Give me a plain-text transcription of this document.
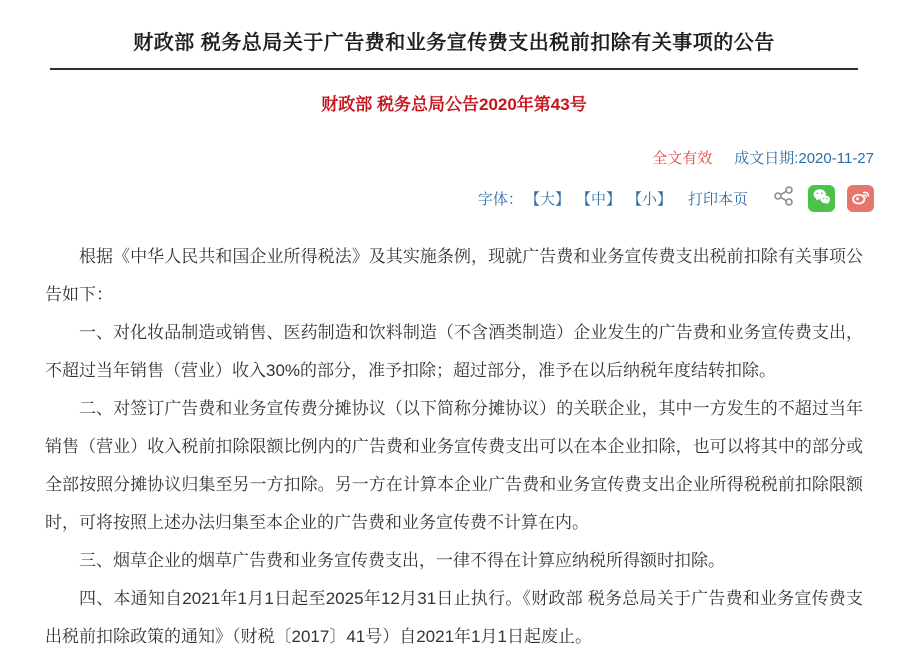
财政部 税务总局关于广告费和业务宣传费支出税前扣除有关事项的公告
财政部 税务总局公告2020年第43号
全文有效 成文日期:2020-11-27
字体： 【大】 【中】 【小】 打印本页

根据《中华人民共和国企业所得税法》及其实施条例，现就广告费和业务宣传费支出税前扣除有关事项公告如下：

一、对化妆品制造或销售、医药制造和饮料制造（不含酒类制造）企业发生的广告费和业务宣传费支出，不超过当年销售（营业）收入30%的部分，准予扣除；超过部分，准予在以后纳税年度结转扣除。

二、对签订广告费和业务宣传费分摊协议（以下简称分摊协议）的关联企业，其中一方发生的不超过当年销售（营业）收入税前扣除限额比例内的广告费和业务宣传费支出可以在本企业扣除，也可以将其中的部分或全部按照分摊协议归集至另一方扣除。另一方在计算本企业广告费和业务宣传费支出企业所得税税前扣除限额时，可将按照上述办法归集至本企业的广告费和业务宣传费不计算在内。

三、烟草企业的烟草广告费和业务宣传费支出，一律不得在计算应纳税所得额时扣除。

四、本通知自2021年1月1日起至2025年12月31日止执行。《财政部 税务总局关于广告费和业务宣传费支出税前扣除政策的通知》（财税〔2017〕41号）自2021年1月1日起废止。
